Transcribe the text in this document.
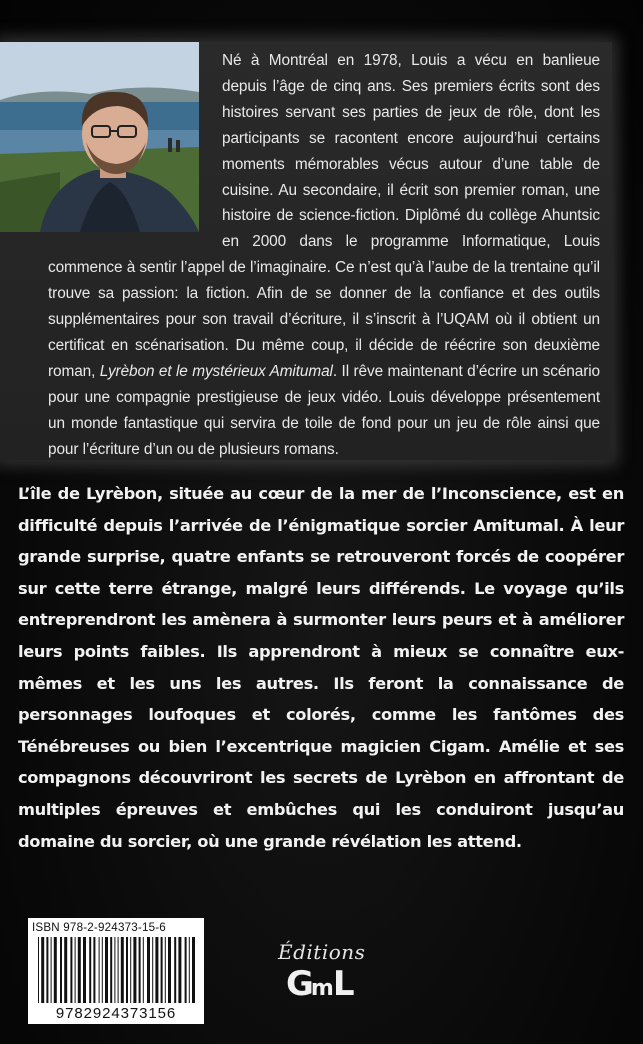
Né à Montréal en 1978, Louis a vécu en banlieue depuis l’âge de cinq ans. Ses premiers écrits sont des histoires servant ses parties de jeux de rôle, dont les participants se racontent encore aujourd’hui certains moments mémorables vécus autour d’une table de cuisine. Au secondaire, il écrit son premier roman, une histoire de science-fiction. Diplômé du collège Ahuntsic en 2000 dans le programme Informatique, Louis commence à sentir l’appel de l’imaginaire. Ce n’est qu’à l’aube de la trentaine qu’il trouve sa passion: la fiction. Afin de se donner de la confiance et des outils supplémentaires pour son travail d’écriture, il s’inscrit à l’UQAM où il obtient un certificat en scénarisation. Du même coup, il décide de réécrire son deuxième roman, Lyrèbon et le mystérieux Amitumal. Il rêve maintenant d’écrire un scénario pour une compagnie prestigieuse de jeux vidéo. Louis développe présentement un monde fantastique qui servira de toile de fond pour un jeu de rôle ainsi que pour l’écriture d’un ou de plusieurs romans.
L’île de Lyrèbon, située au cœur de la mer de l’Inconscience, est en difficulté depuis l’arrivée de l’énigmatique sorcier Amitumal. À leur grande surprise, quatre enfants se retrouveront forcés de coopérer sur cette terre étrange, malgré leurs différends. Le voyage qu’ils entreprendront les amènera à surmonter leurs peurs et à améliorer leurs points faibles. Ils apprendront à mieux se connaître eux-mêmes et les uns les autres. Ils feront la connaissance de personnages loufoques et colorés, comme les fantômes des Ténébreuses ou bien l’excentrique magicien Cigam. Amélie et ses compagnons découvriront les secrets de Lyrèbon en affrontant de multiples épreuves et embûches qui les conduiront jusqu’au domaine du sorcier, où une grande révélation les attend.
ISBN 978-2-924373-15-6
9782924373156
Éditions
GmL
